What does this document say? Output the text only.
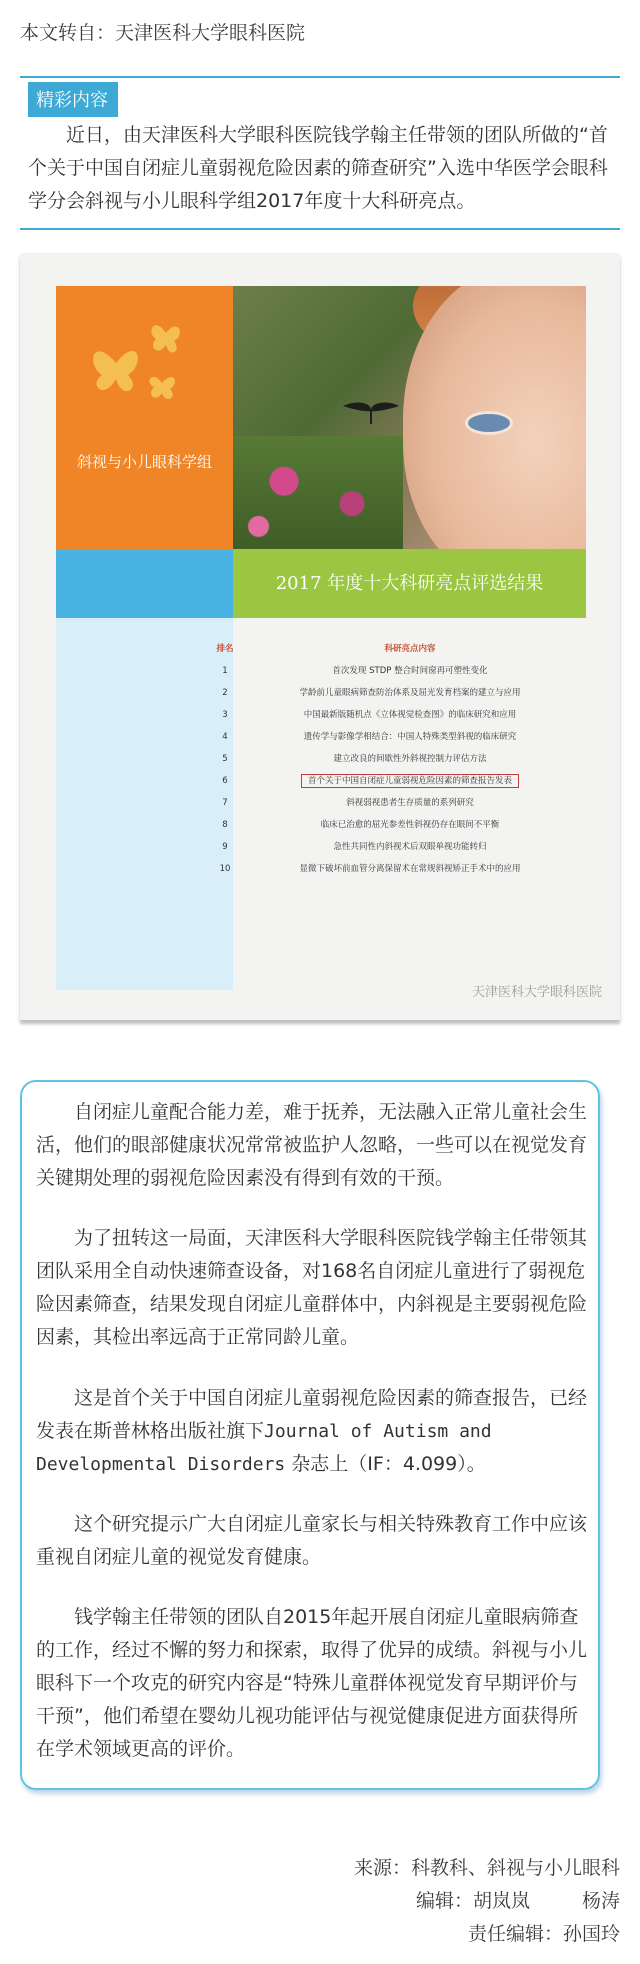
本文转自：天津医科大学眼科医院
精彩内容
近日，由天津医科大学眼科医院钱学翰主任带领的团队所做的“首个关于中国自闭症儿童弱视危险因素的筛查研究”入选中华医学会眼科学分会斜视与小儿眼科学组2017年度十大科研亮点。
斜视与小儿眼科学组
2017 年度十大科研亮点评选结果
排名	科研亮点内容
1	首次发现 STDP 整合时间窗再可塑性变化
2	学龄前儿童眼病筛查防治体系及屈光发育档案的建立与应用
3	中国最新版随机点《立体视觉检查图》的临床研究和应用
4	遗传学与影像学相结合：中国人特殊类型斜视的临床研究
5	建立改良的间歇性外斜视控制力评估方法
6	首个关于中国自闭症儿童弱视危险因素的筛查报告发表
7	斜视弱视患者生存质量的系列研究
8	临床已治愈的屈光参差性斜视仍存在眼间不平衡
9	急性共同性内斜视术后双眼单视功能转归
10	显微下破坏前血管分离保留术在常规斜视矫正手术中的应用
天津医科大学眼科医院

自闭症儿童配合能力差，难于抚养，无法融入正常儿童社会生活，他们的眼部健康状况常常被监护人忽略，一些可以在视觉发育关键期处理的弱视危险因素没有得到有效的干预。

为了扭转这一局面，天津医科大学眼科医院钱学翰主任带领其团队采用全自动快速筛查设备，对168名自闭症儿童进行了弱视危险因素筛查，结果发现自闭症儿童群体中，内斜视是主要弱视危险因素，其检出率远高于正常同龄儿童。

这是首个关于中国自闭症儿童弱视危险因素的筛查报告，已经发表在斯普林格出版社旗下Journal of Autism and Developmental Disorders 杂志上（IF：4.099）。

这个研究提示广大自闭症儿童家长与相关特殊教育工作中应该重视自闭症儿童的视觉发育健康。

钱学翰主任带领的团队自2015年起开展自闭症儿童眼病筛查的工作，经过不懈的努力和探索，取得了优异的成绩。斜视与小儿眼科下一个攻克的研究内容是“特殊儿童群体视觉发育早期评价与干预”，他们希望在婴幼儿视功能评估与视觉健康促进方面获得所在学术领域更高的评价。

来源：科教科、斜视与小儿眼科
编辑：胡岚岚	杨涛
责任编辑：孙国玲
